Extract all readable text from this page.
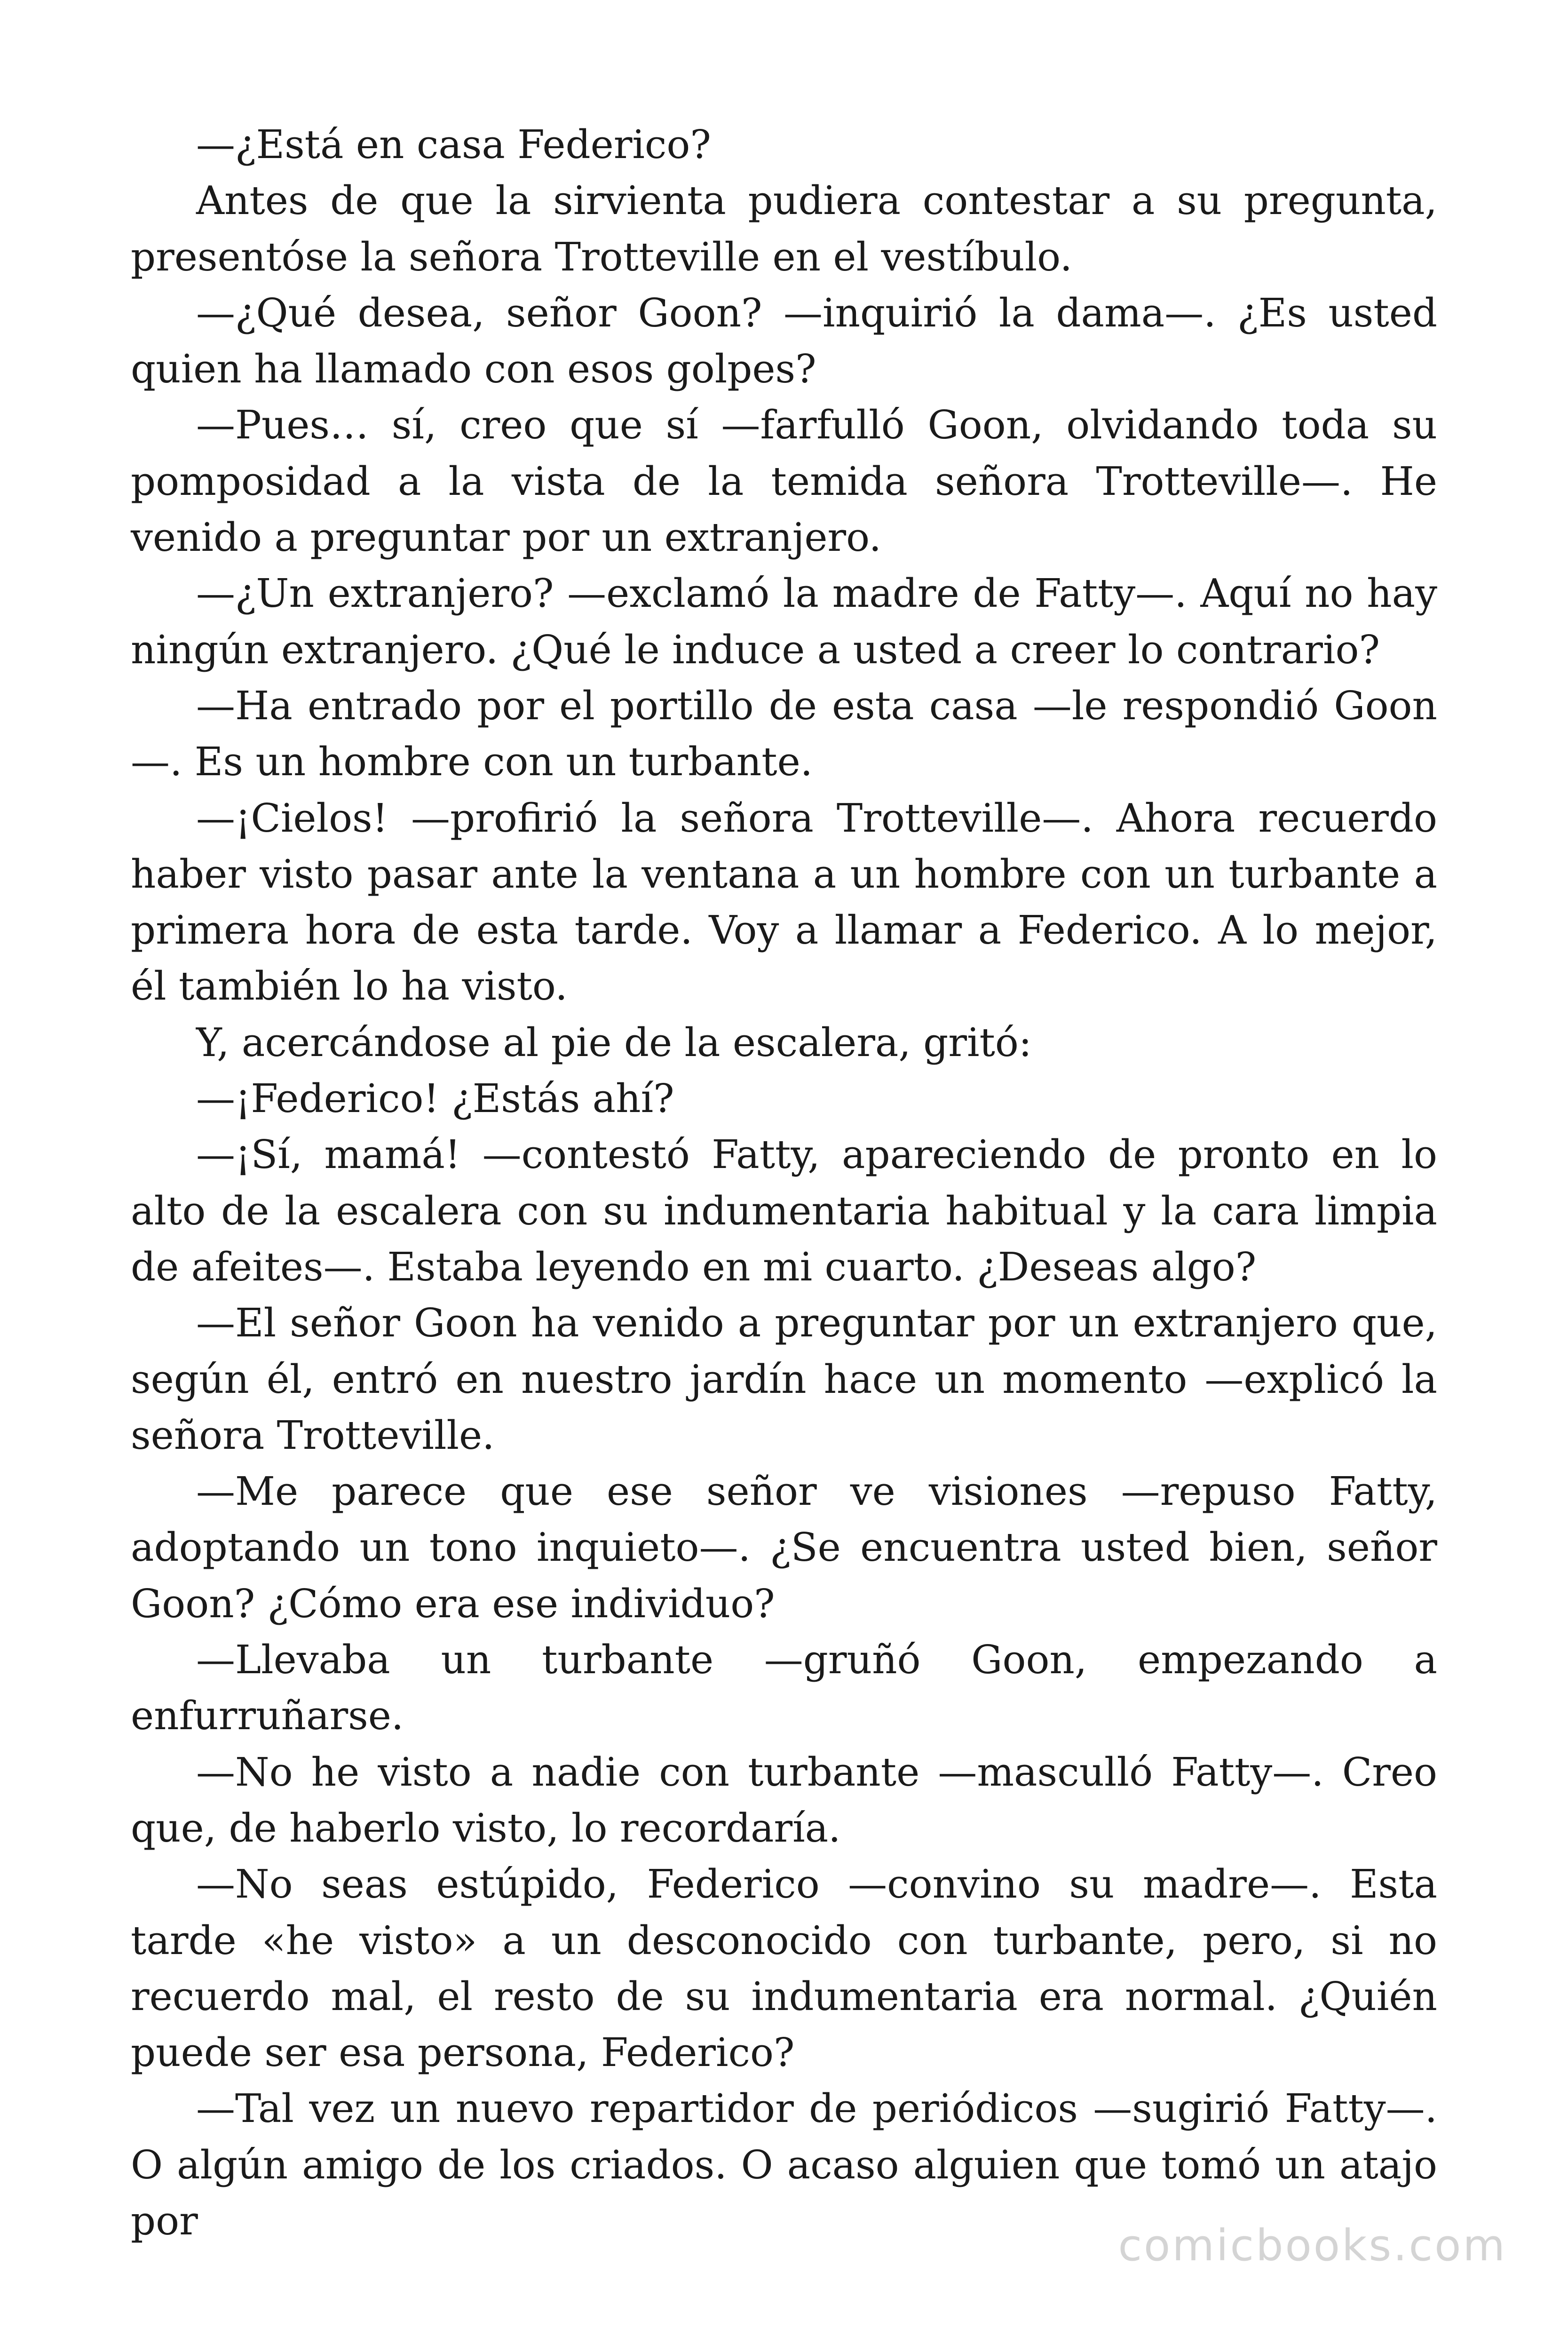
—¿Está en casa Federico?

Antes de que la sirvienta pudiera contestar a su pregunta, presentóse la señora Trotteville en el vestíbulo.

—¿Qué desea, señor Goon? —inquirió la dama—. ¿Es usted quien ha llamado con esos golpes?

—Pues… sí, creo que sí —farfulló Goon, olvidando toda su pomposidad a la vista de la temida señora Trotteville—. He venido a preguntar por un extranjero.

—¿Un extranjero? —exclamó la madre de Fatty—. Aquí no hay ningún extranjero. ¿Qué le induce a usted a creer lo contrario?

—Ha entrado por el portillo de esta casa —le respondió Goon—. Es un hombre con un turbante.

—¡Cielos! —profirió la señora Trotteville—. Ahora recuerdo haber visto pasar ante la ventana a un hombre con un turbante a primera hora de esta tarde. Voy a llamar a Federico. A lo mejor, él también lo ha visto.

Y, acercándose al pie de la escalera, gritó:

—¡Federico! ¿Estás ahí?

—¡Sí, mamá! —contestó Fatty, apareciendo de pronto en lo alto de la escalera con su indumentaria habitual y la cara limpia de afeites—. Estaba leyendo en mi cuarto. ¿Deseas algo?

—El señor Goon ha venido a preguntar por un extranjero que, según él, entró en nuestro jardín hace un momento —explicó la señora Trotteville.

—Me parece que ese señor ve visiones —repuso Fatty, adoptando un tono inquieto—. ¿Se encuentra usted bien, señor Goon? ¿Cómo era ese individuo?

—Llevaba un turbante —gruñó Goon, empezando a enfurruñarse.

—No he visto a nadie con turbante —masculló Fatty—. Creo que, de haberlo visto, lo recordaría.

—No seas estúpido, Federico —convino su madre—. Esta tarde «he visto» a un desconocido con turbante, pero, si no recuerdo mal, el resto de su indumentaria era normal. ¿Quién puede ser esa persona, Federico?

—Tal vez un nuevo repartidor de periódicos —sugirió Fatty—. O algún amigo de los criados. O acaso alguien que tomó un atajo por	comicbooks.com
